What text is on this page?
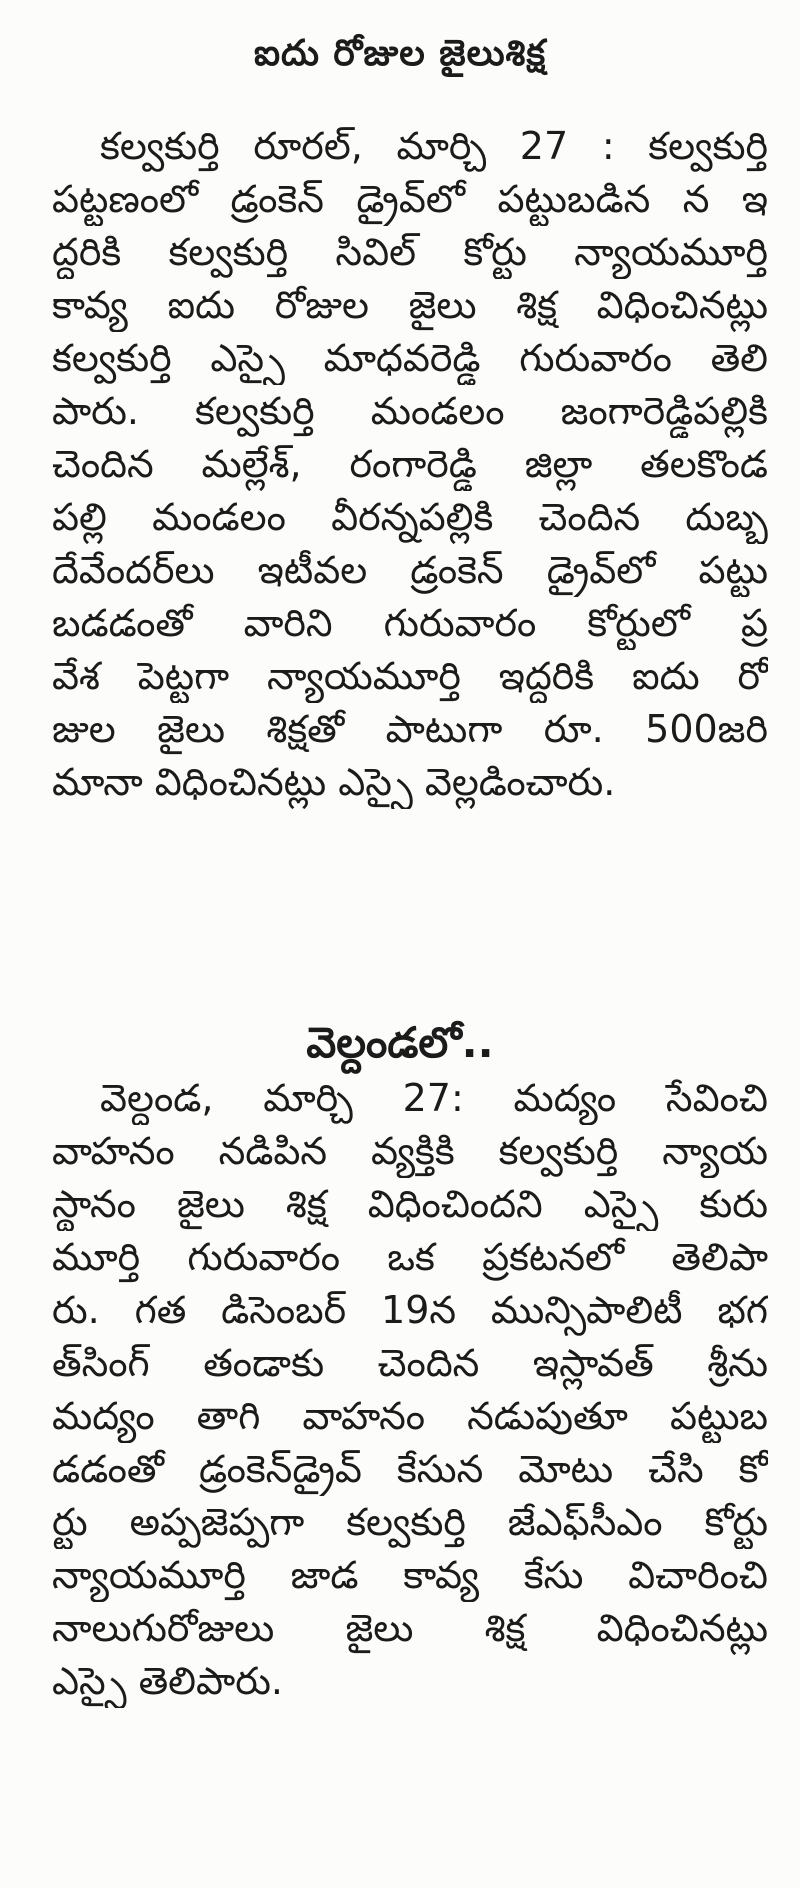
ఐదు రోజుల జైలుశిక్ష
కల్వకుర్తి రూరల్‌, మార్చి 27 : కల్వకుర్తి
పట్టణంలో డ్రంకెన్‌ డ్రైవ్‌లో పట్టుబడిన న ఇ
ద్దరికి కల్వకుర్తి సివిల్‌ కోర్టు న్యాయమూర్తి
కావ్య ఐదు రోజుల జైలు శిక్ష విధించినట్లు
కల్వకుర్తి ఎస్సై మాధవరెడ్డి గురువారం తెలి
పారు. కల్వకుర్తి మండలం జంగారెడ్డిపల్లికి
చెందిన మల్లేశ్‌, రంగారెడ్డి జిల్లా తలకొండ
పల్లి మండలం వీరన్నపల్లికి చెందిన దుబ్బ
దేవేందర్‌లు ఇటీవల డ్రంకెన్‌ డ్రైవ్‌లో పట్టు
బడడంతో వారిని గురువారం కోర్టులో ప్ర
వేశ పెట్టగా న్యాయమూర్తి ఇద్దరికి ఐదు రో
జుల జైలు శిక్షతో పాటుగా రూ. 500జరి
మానా విధించినట్లు ఎస్సై వెల్లడించారు.
వెల్దండలో..
వెల్దండ, మార్చి 27: మద్యం సేవించి
వాహనం నడిపిన వ్యక్తికి కల్వకుర్తి న్యాయ
స్థానం జైలు శిక్ష విధించిందని ఎస్సై కురు
మూర్తి గురువారం ఒక ప్రకటనలో తెలిపా
రు. గత డిసెంబర్‌ 19న మున్సిపాలిటీ భగ
త్‌సింగ్‌ తండాకు చెందిన ఇస్లావత్‌ శ్రీను
మద్యం తాగి వాహనం నడుపుతూ పట్టుబ
డడంతో డ్రంకెన్‌డ్రైవ్‌ కేసున మోటు చేసి కో
ర్టు అప్పజెప్పగా కల్వకుర్తి జేఎఫ్‌సీఎం కోర్టు
న్యాయమూర్తి జాడ కావ్య కేసు విచారించి
నాలుగురోజులు జైలు శిక్ష విధించినట్లు
ఎస్సై తెలిపారు.
